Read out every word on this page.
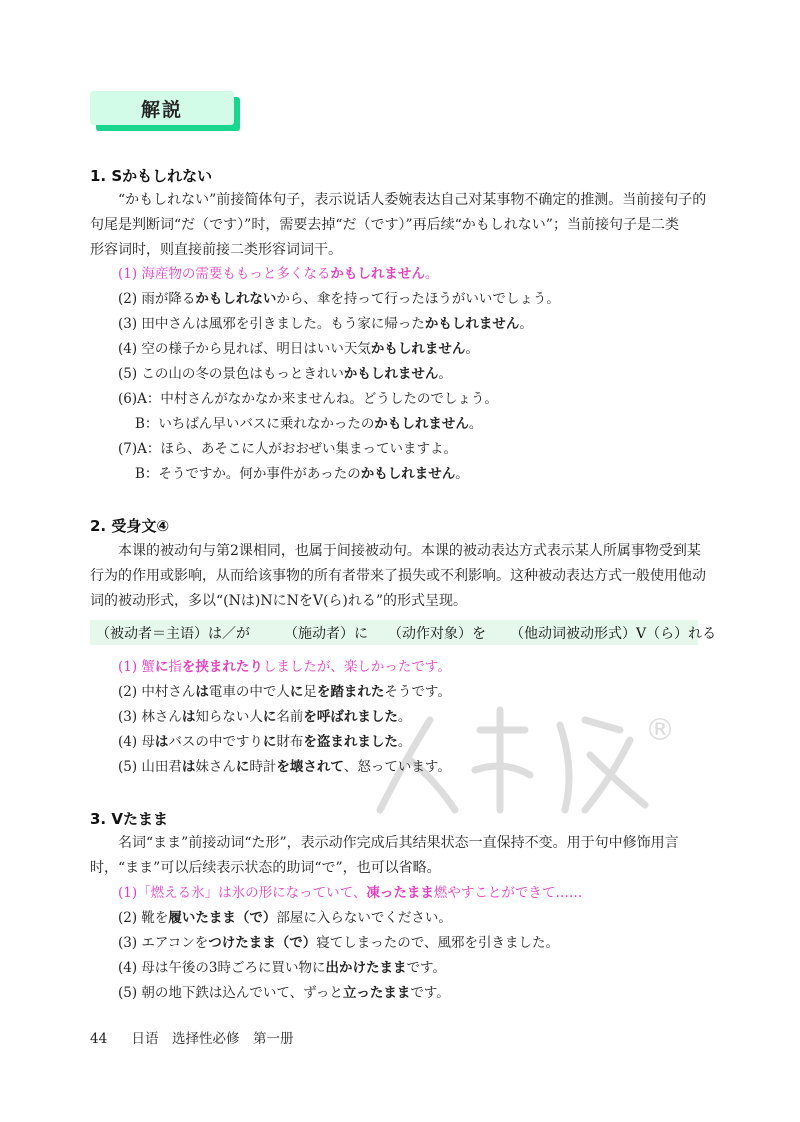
解説
®
1. Sかもしれない
“かもしれない”前接简体句子，表示说话人委婉表达自己对某事物不确定的推测。当前接句子的
句尾是判断词“だ（です）”时，需要去掉“だ（です）”再后续“かもしれない”；当前接句子是二类
形容词时，则直接前接二类形容词词干。
(1) 海産物の需要ももっと多くなるかもしれません。
(2) 雨が降るかもしれないから、傘を持って行ったほうがいいでしょう。
(3) 田中さんは風邪を引きました。もう家に帰ったかもしれません。
(4) 空の様子から見れば、明日はいい天気かもしれません。
(5) この山の冬の景色はもっときれいかもしれません。
(6)A：中村さんがなかなか来ませんね。どうしたのでしょう。
B：いちばん早いバスに乗れなかったのかもしれません。
(7)A：ほら、あそこに人がおおぜい集まっていますよ。
B：そうですか。何か事件があったのかもしれません。
2. 受身文④
本课的被动句与第2课相同，也属于间接被动句。本课的被动表达方式表示某人所属事物受到某
行为的作用或影响，从而给该事物的所有者带来了损失或不利影响。这种被动表达方式一般使用他动
词的被动形式，多以“(Nは)NにNをV(ら)れる”的形式呈现。
（被动者＝主语）は／が	（施动者）に	（动作对象）を	（他动词被动形式）V（ら）れる
(1) 蟹に指を挟まれたりしましたが、楽しかったです。
(2) 中村さんは電車の中で人に足を踏まれたそうです。
(3) 林さんは知らない人に名前を呼ばれました。
(4) 母はバスの中ですりに財布を盗まれました。
(5) 山田君は妹さんに時計を壊されて、怒っています。
3. Vたまま
名词“まま”前接动词“た形”，表示动作完成后其结果状态一直保持不变。用于句中修饰用言
时，“まま”可以后续表示状态的助词“で”，也可以省略。
(1)「燃える氷」は氷の形になっていて、凍ったまま燃やすことができて……
(2) 靴を履いたまま（で）部屋に入らないでください。
(3) エアコンをつけたまま（で）寝てしまったので、風邪を引きました。
(4) 母は午後の3時ごろに買い物に出かけたままです。
(5) 朝の地下鉄は込んでいて、ずっと立ったままです。
44 日语　选择性必修　第一册
